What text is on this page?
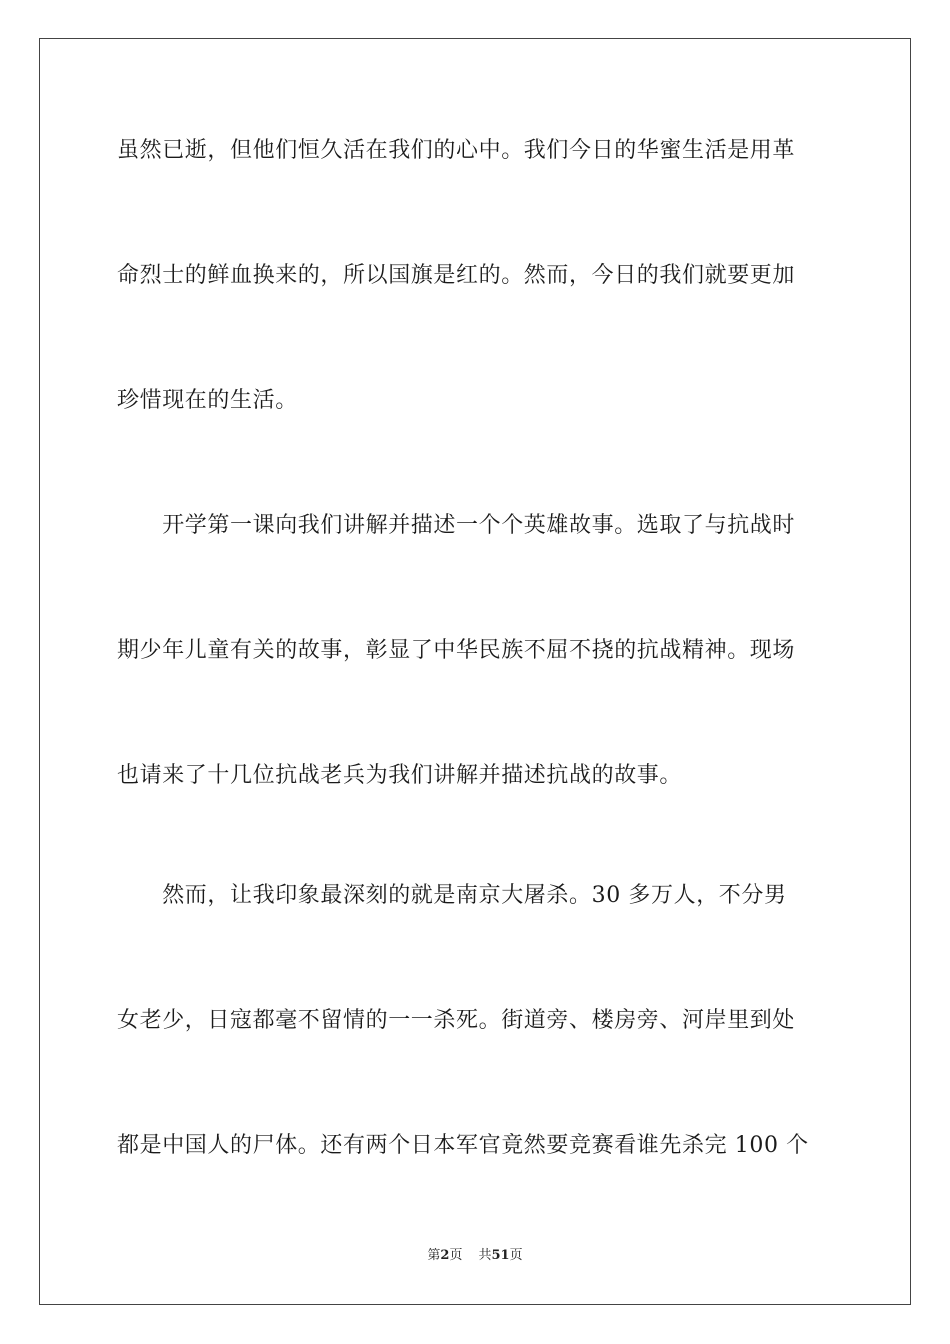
虽然已逝，但他们恒久活在我们的心中。我们今日的华蜜生活是用革
命烈士的鲜血换来的，所以国旗是红的。然而，今日的我们就要更加
珍惜现在的生活。
　　开学第一课向我们讲解并描述一个个英雄故事。选取了与抗战时
期少年儿童有关的故事，彰显了中华民族不屈不挠的抗战精神。现场
也请来了十几位抗战老兵为我们讲解并描述抗战的故事。
　　然而，让我印象最深刻的就是南京大屠杀。30 多万人，不分男
女老少，日寇都毫不留情的一一杀死。街道旁、楼房旁、河岸里到处
都是中国人的尸体。还有两个日本军官竟然要竞赛看谁先杀完 100 个
第2页 共51页
